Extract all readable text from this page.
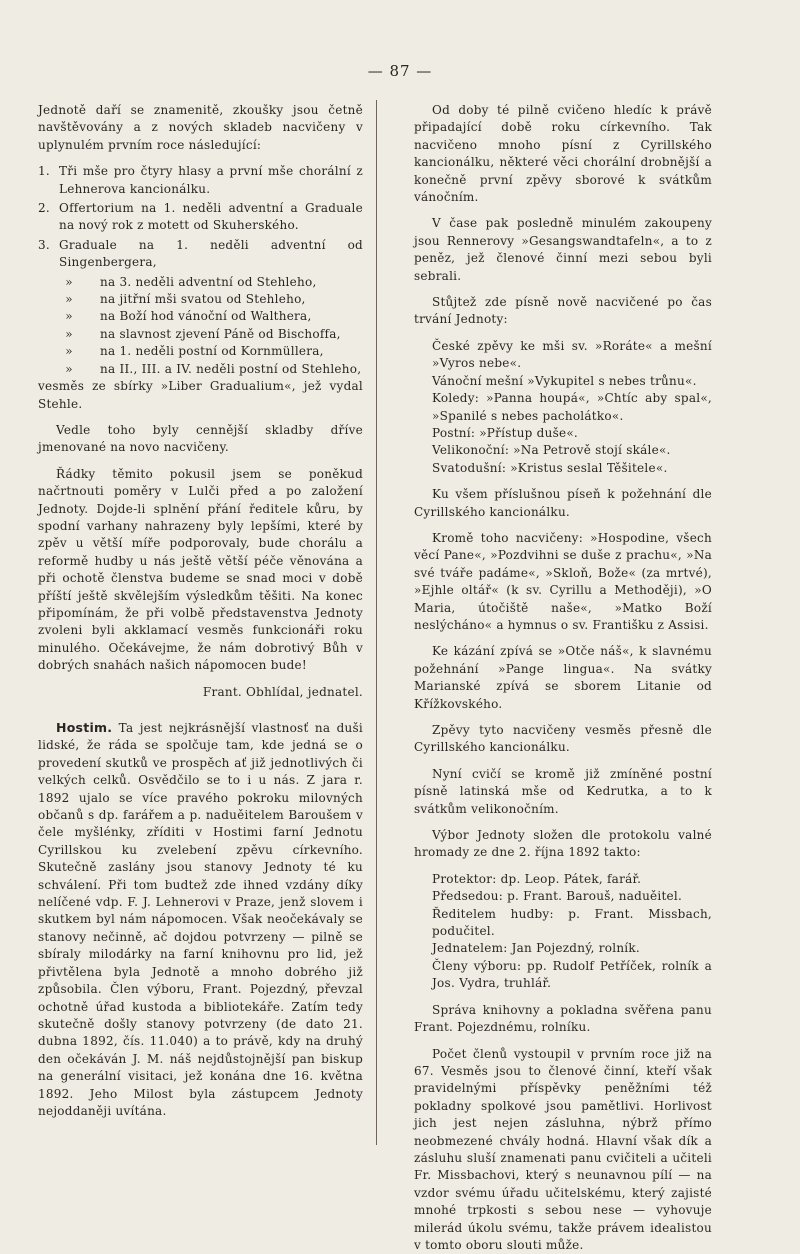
— 87 —

Jednotě daří se znamenitě, zkoušky jsou četně navštěvovány a z nových skladeb nacvičeny v uplynulém prvním roce následující:

1. Tři mše pro čtyry hlasy a první mše chorální z Lehnerova kancionálku.
2. Offertorium na 1. neděli adventní a Graduale na nový rok z motett od Skuherského.
3. Graduale na 1. neděli adventní od Singenbergera,
»	na 3. neděli adventní od Stehleho,
»	na jitřní mši svatou od Stehleho,
»	na Boží hod vánoční od Walthera,
»	na slavnost zjevení Páně od Bischoffa,
»	na 1. neděli postní od Kornmüllera,
»	na II., III. a IV. neděli postní od Stehleho,

vesměs ze sbírky »Liber Gradualium«, jež vydal Stehle.

Vedle toho byly cennější skladby dříve jmenované na novo nacvičeny.

Řádky těmito pokusil jsem se poněkud načrtnouti poměry v Lulči před a po založení Jednoty. Dojde-li splnění přání ředitele kůru, by spodní varhany nahrazeny byly lepšími, které by zpěv u větší míře podporovaly, bude chorálu a reformě hudby u nás ještě větší péče věnována a při ochotě členstva budeme se snad moci v době příští ještě skvělejším výsledkům těšiti. Na konec připomínám, že při volbě představenstva Jednoty zvoleni byli akklamací vesměs funkcionáři roku minulého. Očekávejme, že nám dobrotivý Bůh v dobrých snahách našich nápomocen bude!

Frant. Obhlídal, jednatel.

Hostim. Ta jest nejkrásnější vlastnosť na duši lidské, že ráda se spolčuje tam, kde jedná se o provedení skutků ve prospěch ať již jednotlivých či velkých celků. Osvědčilo se to i u nás. Z jara r. 1892 ujalo se více pravého pokroku milovných občanů s dp. farářem a p. naduěitelem Baroušem v čele myšlénky, zříditi v Hostimi farní Jednotu Cyrillskou ku zvelebení zpěvu církevního. Skutečně zaslány jsou stanovy Jednoty té ku schválení. Při tom budtež zde ihned vzdány díky nelíčené vdp. F. J. Lehnerovi v Praze, jenž slovem i skutkem byl nám nápomocen. Však neočekávaly se stanovy nečinně, ač dojdou potvrzeny — pilně se sbíraly milodárky na farní knihovnu pro lid, jež přivtělena byla Jednotě a mnoho dobrého již způsobila. Člen výboru, Frant. Pojezdný, převzal ochotně úřad kustoda a bibliotekáře. Zatím tedy skutečně došly stanovy potvrzeny (de dato 21. dubna 1892, čís. 11.040) a to právě, kdy na druhý den očekáván J. M. náš nejdůstojnější pan biskup na generální visitaci, jež konána dne 16. května 1892. Jeho Milost byla zástupcem Jednoty nejoddaněji uvítána.

Od doby té pilně cvičeno hledíc k právě připadající době roku církevního. Tak nacvičeno mnoho písní z Cyrillského kancionálku, některé věci chorální drobnější a konečně první zpěvy sborové k svátkům vánočním.

V čase pak posledně minulém zakoupeny jsou Rennerovy »Gesangswandtafeln«, a to z peněz, jež členové činní mezi sebou byli sebrali.

Stůjtež zde písně nově nacvičené po čas trvání Jednoty:

České zpěvy ke mši sv. »Roráte« a mešní »Vyros nebe«.

Vánoční mešní »Vykupitel s nebes trůnu«.

Koledy: »Panna houpá«, »Chtíc aby spal«, »Spanilé s nebes pacholátko«.

Postní: »Přístup duše«.

Velikonoční: »Na Petrově stojí skále«.

Svatodušní: »Kristus seslal Těšitele«.

Ku všem příslušnou píseň k požehnání dle Cyrillského kancionálku.

Kromě toho nacvičeny: »Hospodine, všech věcí Pane«, »Pozdvihni se duše z prachu«, »Na své tváře padáme«, »Skloň, Bože« (za mrtvé), »Ejhle oltář« (k sv. Cyrillu a Methoději), »O Maria, útočiště naše«, »Matko Boží neslýcháno« a hymnus o sv. Františku z Assisi.

Ke kázání zpívá se »Otče náš«, k slavnému požehnání »Pange lingua«. Na svátky Marianské zpívá se sborem Litanie od Křížkovského.

Zpěvy tyto nacvičeny vesměs přesně dle Cyrillského kancionálku.

Nyní cvičí se kromě již zmíněné postní písně latinská mše od Kedrutka, a to k svátkům velikonočním.

Výbor Jednoty složen dle protokolu valné hromady ze dne 2. října 1892 takto:

Protektor: dp. Leop. Pátek, farář.

Předsedou: p. Frant. Barouš, naduěitel.

Ředitelem hudby: p. Frant. Missbach, podučitel.

Jednatelem: Jan Pojezdný, rolník.

Členy výboru: pp. Rudolf Petříček, rolník a Jos. Vydra, truhlář.

Správa knihovny a pokladna svěřena panu Frant. Pojezdnému, rolníku.

Počet členů vystoupil v prvním roce již na 67. Vesměs jsou to členové činní, kteří však pravidelnými příspěvky peněžními též pokladny spolkové jsou pamětlivi. Horlivost jich jest nejen zásluhna, nýbrž přímo neobmezené chvály hodná. Hlavní však dík a zásluhu sluší znamenati panu cvičiteli a učiteli Fr. Missbachovi, který s neunavnou pílí — na vzdor svému úřadu učitelskému, který zajisté mnohé trpkosti s sebou nese — vyhovuje milerád úkolu svému, takže právem idealistou v tomto oboru slouti může.
